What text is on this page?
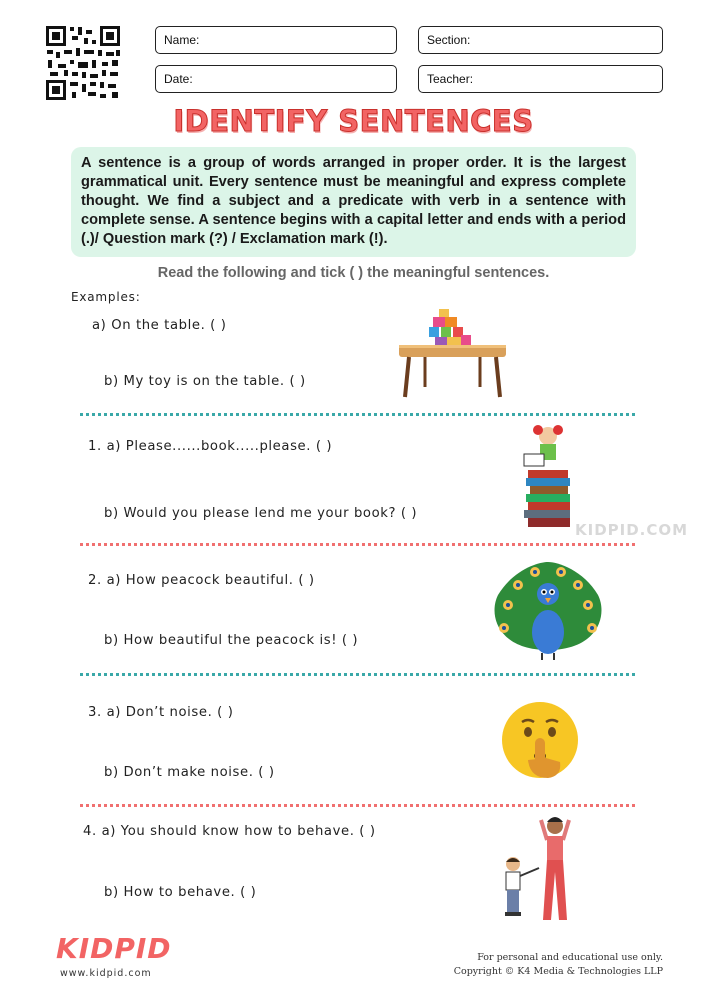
Name:	Section:
Date:	Teacher:
IDENTIFY SENTENCES
A sentence is a group of words arranged in proper order. It is the largest grammatical unit. Every sentence must be meaningful and express complete thought. We find a subject and a predicate with verb in a sentence with complete sense. A sentence begins with a capital letter and ends with a period (.)/ Question mark (?) / Exclamation mark (!).
Read the following and tick ( ) the meaningful sentences.
Examples:
a) On the table. ( )
b) My toy is on the table. ( )
1. a) Please......book.....please. ( )
b) Would you please lend me your book? ( )
2. a) How peacock beautiful. ( )
b) How beautiful the peacock is! ( )
3. a) Don’t noise. ( )
b) Don’t make noise. ( )
4. a) You should know how to behave. ( )
b) How to behave. ( )
KIDPID.COM
KIDPID
www.kidpid.com
For personal and educational use only.
Copyright © K4 Media & Technologies LLP
